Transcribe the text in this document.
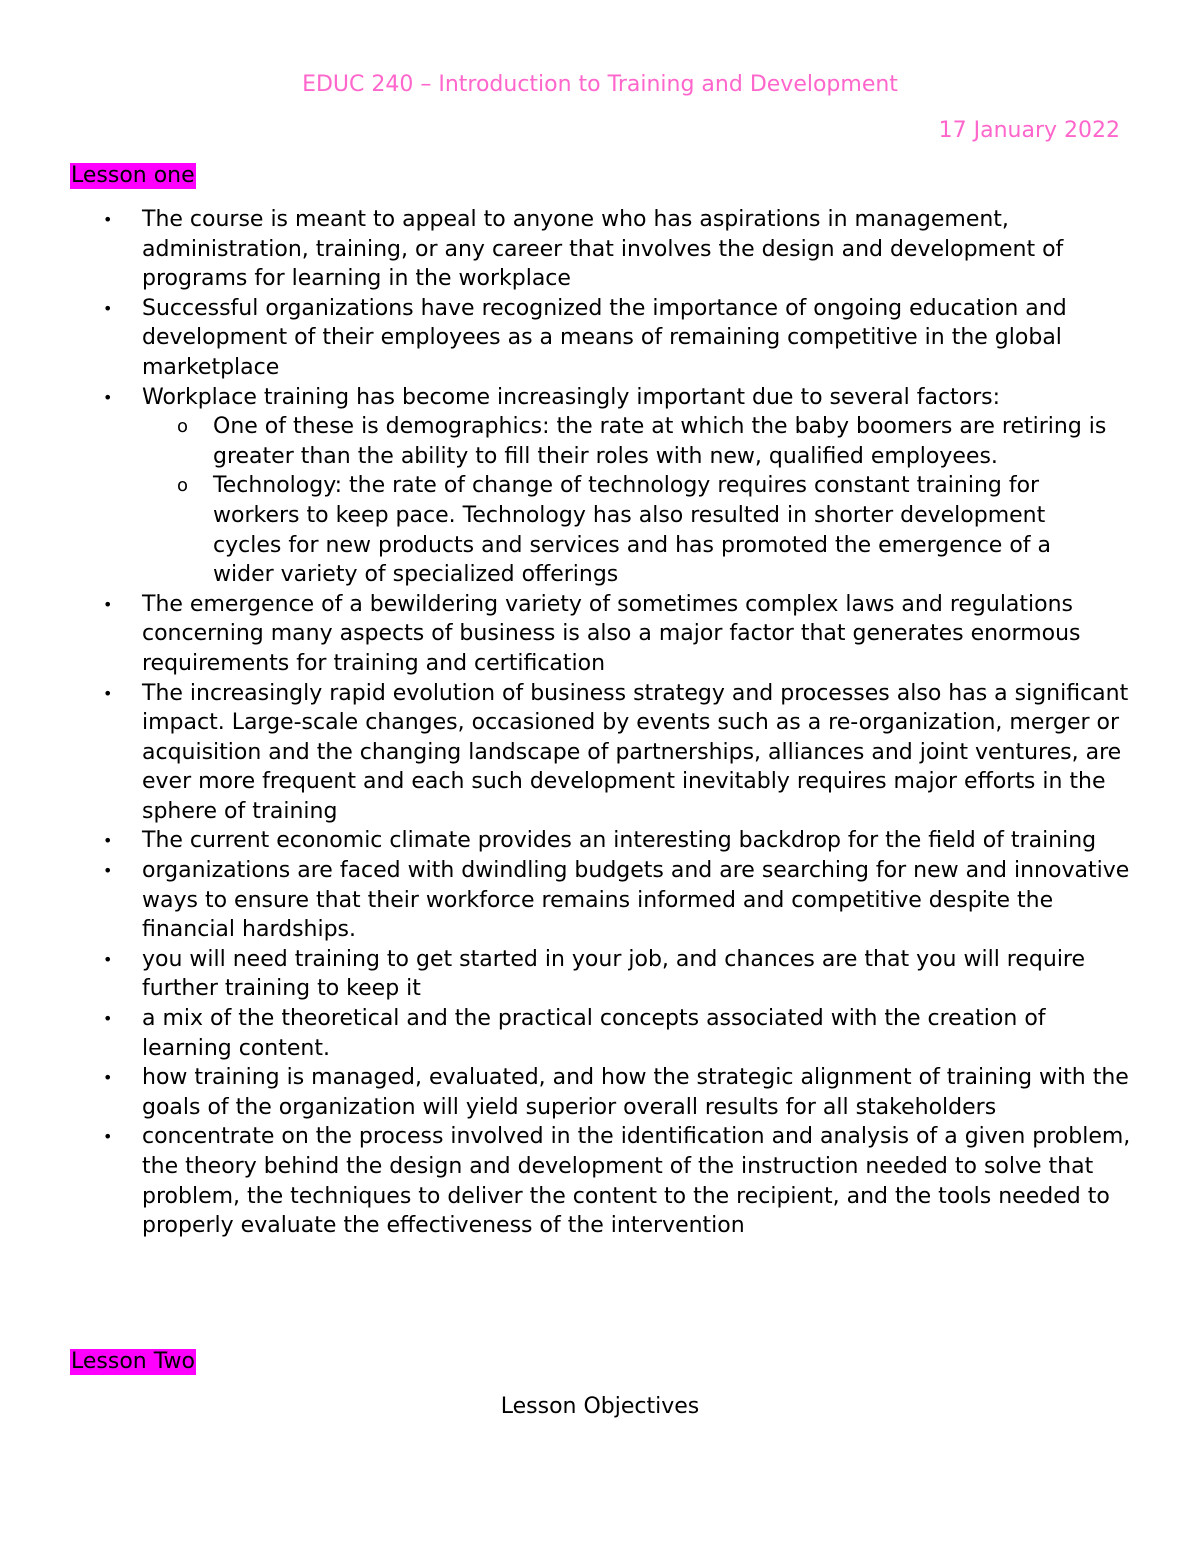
EDUC 240 – Introduction to Training and Development
17 January 2022
Lesson one
• The course is meant to appeal to anyone who has aspirations in management, administration, training, or any career that involves the design and development of programs for learning in the workplace
• Successful organizations have recognized the importance of ongoing education and development of their employees as a means of remaining competitive in the global marketplace
• Workplace training has become increasingly important due to several factors:
o One of these is demographics: the rate at which the baby boomers are retiring is greater than the ability to fill their roles with new, qualified employees.
o Technology: the rate of change of technology requires constant training for workers to keep pace. Technology has also resulted in shorter development cycles for new products and services and has promoted the emergence of a wider variety of specialized offerings
• The emergence of a bewildering variety of sometimes complex laws and regulations concerning many aspects of business is also a major factor that generates enormous requirements for training and certification
• The increasingly rapid evolution of business strategy and processes also has a significant impact. Large-scale changes, occasioned by events such as a re-organization, merger or acquisition and the changing landscape of partnerships, alliances and joint ventures, are ever more frequent and each such development inevitably requires major efforts in the sphere of training
• The current economic climate provides an interesting backdrop for the field of training
• organizations are faced with dwindling budgets and are searching for new and innovative ways to ensure that their workforce remains informed and competitive despite the financial hardships.
• you will need training to get started in your job, and chances are that you will require further training to keep it
• a mix of the theoretical and the practical concepts associated with the creation of learning content.
• how training is managed, evaluated, and how the strategic alignment of training with the goals of the organization will yield superior overall results for all stakeholders
• concentrate on the process involved in the identification and analysis of a given problem, the theory behind the design and development of the instruction needed to solve that problem, the techniques to deliver the content to the recipient, and the tools needed to properly evaluate the effectiveness of the intervention
Lesson Two
Lesson Objectives
